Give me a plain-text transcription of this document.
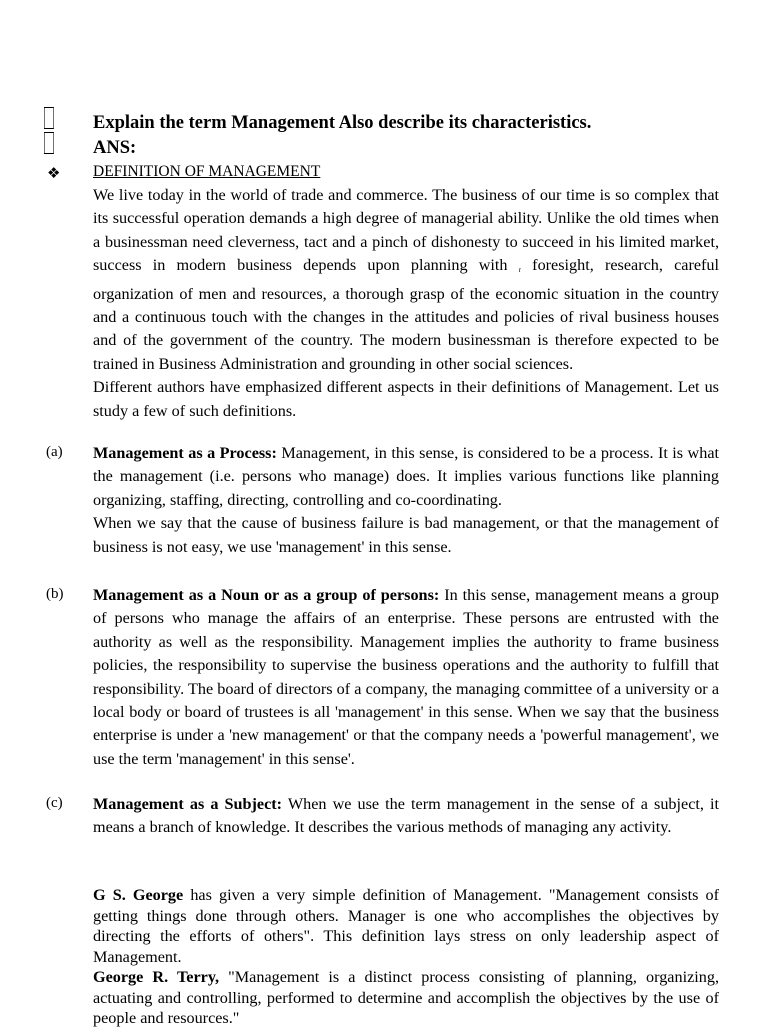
Explain the term Management Also describe its characteristics.
ANS:
❖ DEFINITION OF MANAGEMENT

We live today in the world of trade and commerce. The business of our time is so complex that its successful operation demands a high degree of managerial ability. Unlike the old times when a businessman need cleverness, tact and a pinch of dishonesty to succeed in his limited market, success in modern business depends upon planning with r foresight, research, careful organization of men and resources, a thorough grasp of the economic situation in the country and a continuous touch with the changes in the attitudes and policies of rival business houses and of the government of the country. The modern businessman is therefore expected to be trained in Business Administration and grounding in other social sciences.

Different authors have emphasized different aspects in their definitions of Management. Let us study a few of such definitions.

(a) Management as a Process: Management, in this sense, is considered to be a process. It is what the management (i.e. persons who manage) does. It implies various functions like planning organizing, staffing, directing, controlling and co-coordinating.

When we say that the cause of business failure is bad management, or that the management of business is not easy, we use 'management' in this sense.

(b) Management as a Noun or as a group of persons: In this sense, management means a group of persons who manage the affairs of an enterprise. These persons are entrusted with the authority as well as the responsibility. Management implies the authority to frame business policies, the responsibility to supervise the business operations and the authority to fulfill that responsibility. The board of directors of a company, the managing committee of a university or a local body or board of trustees is all 'management' in this sense. When we say that the business enterprise is under a 'new management' or that the company needs a 'powerful management', we use the term 'management' in this sense'.

(c) Management as a Subject: When we use the term management in the sense of a subject, it means a branch of knowledge. It describes the various methods of managing any activity.

G S. George has given a very simple definition of Management. "Management consists of getting things done through others. Manager is one who accomplishes the objectives by directing the efforts of others". This definition lays stress on only leadership aspect of Management.

George R. Terry, "Management is a distinct process consisting of planning, organizing, actuating and controlling, performed to determine and accomplish the objectives by the use of people and resources."
